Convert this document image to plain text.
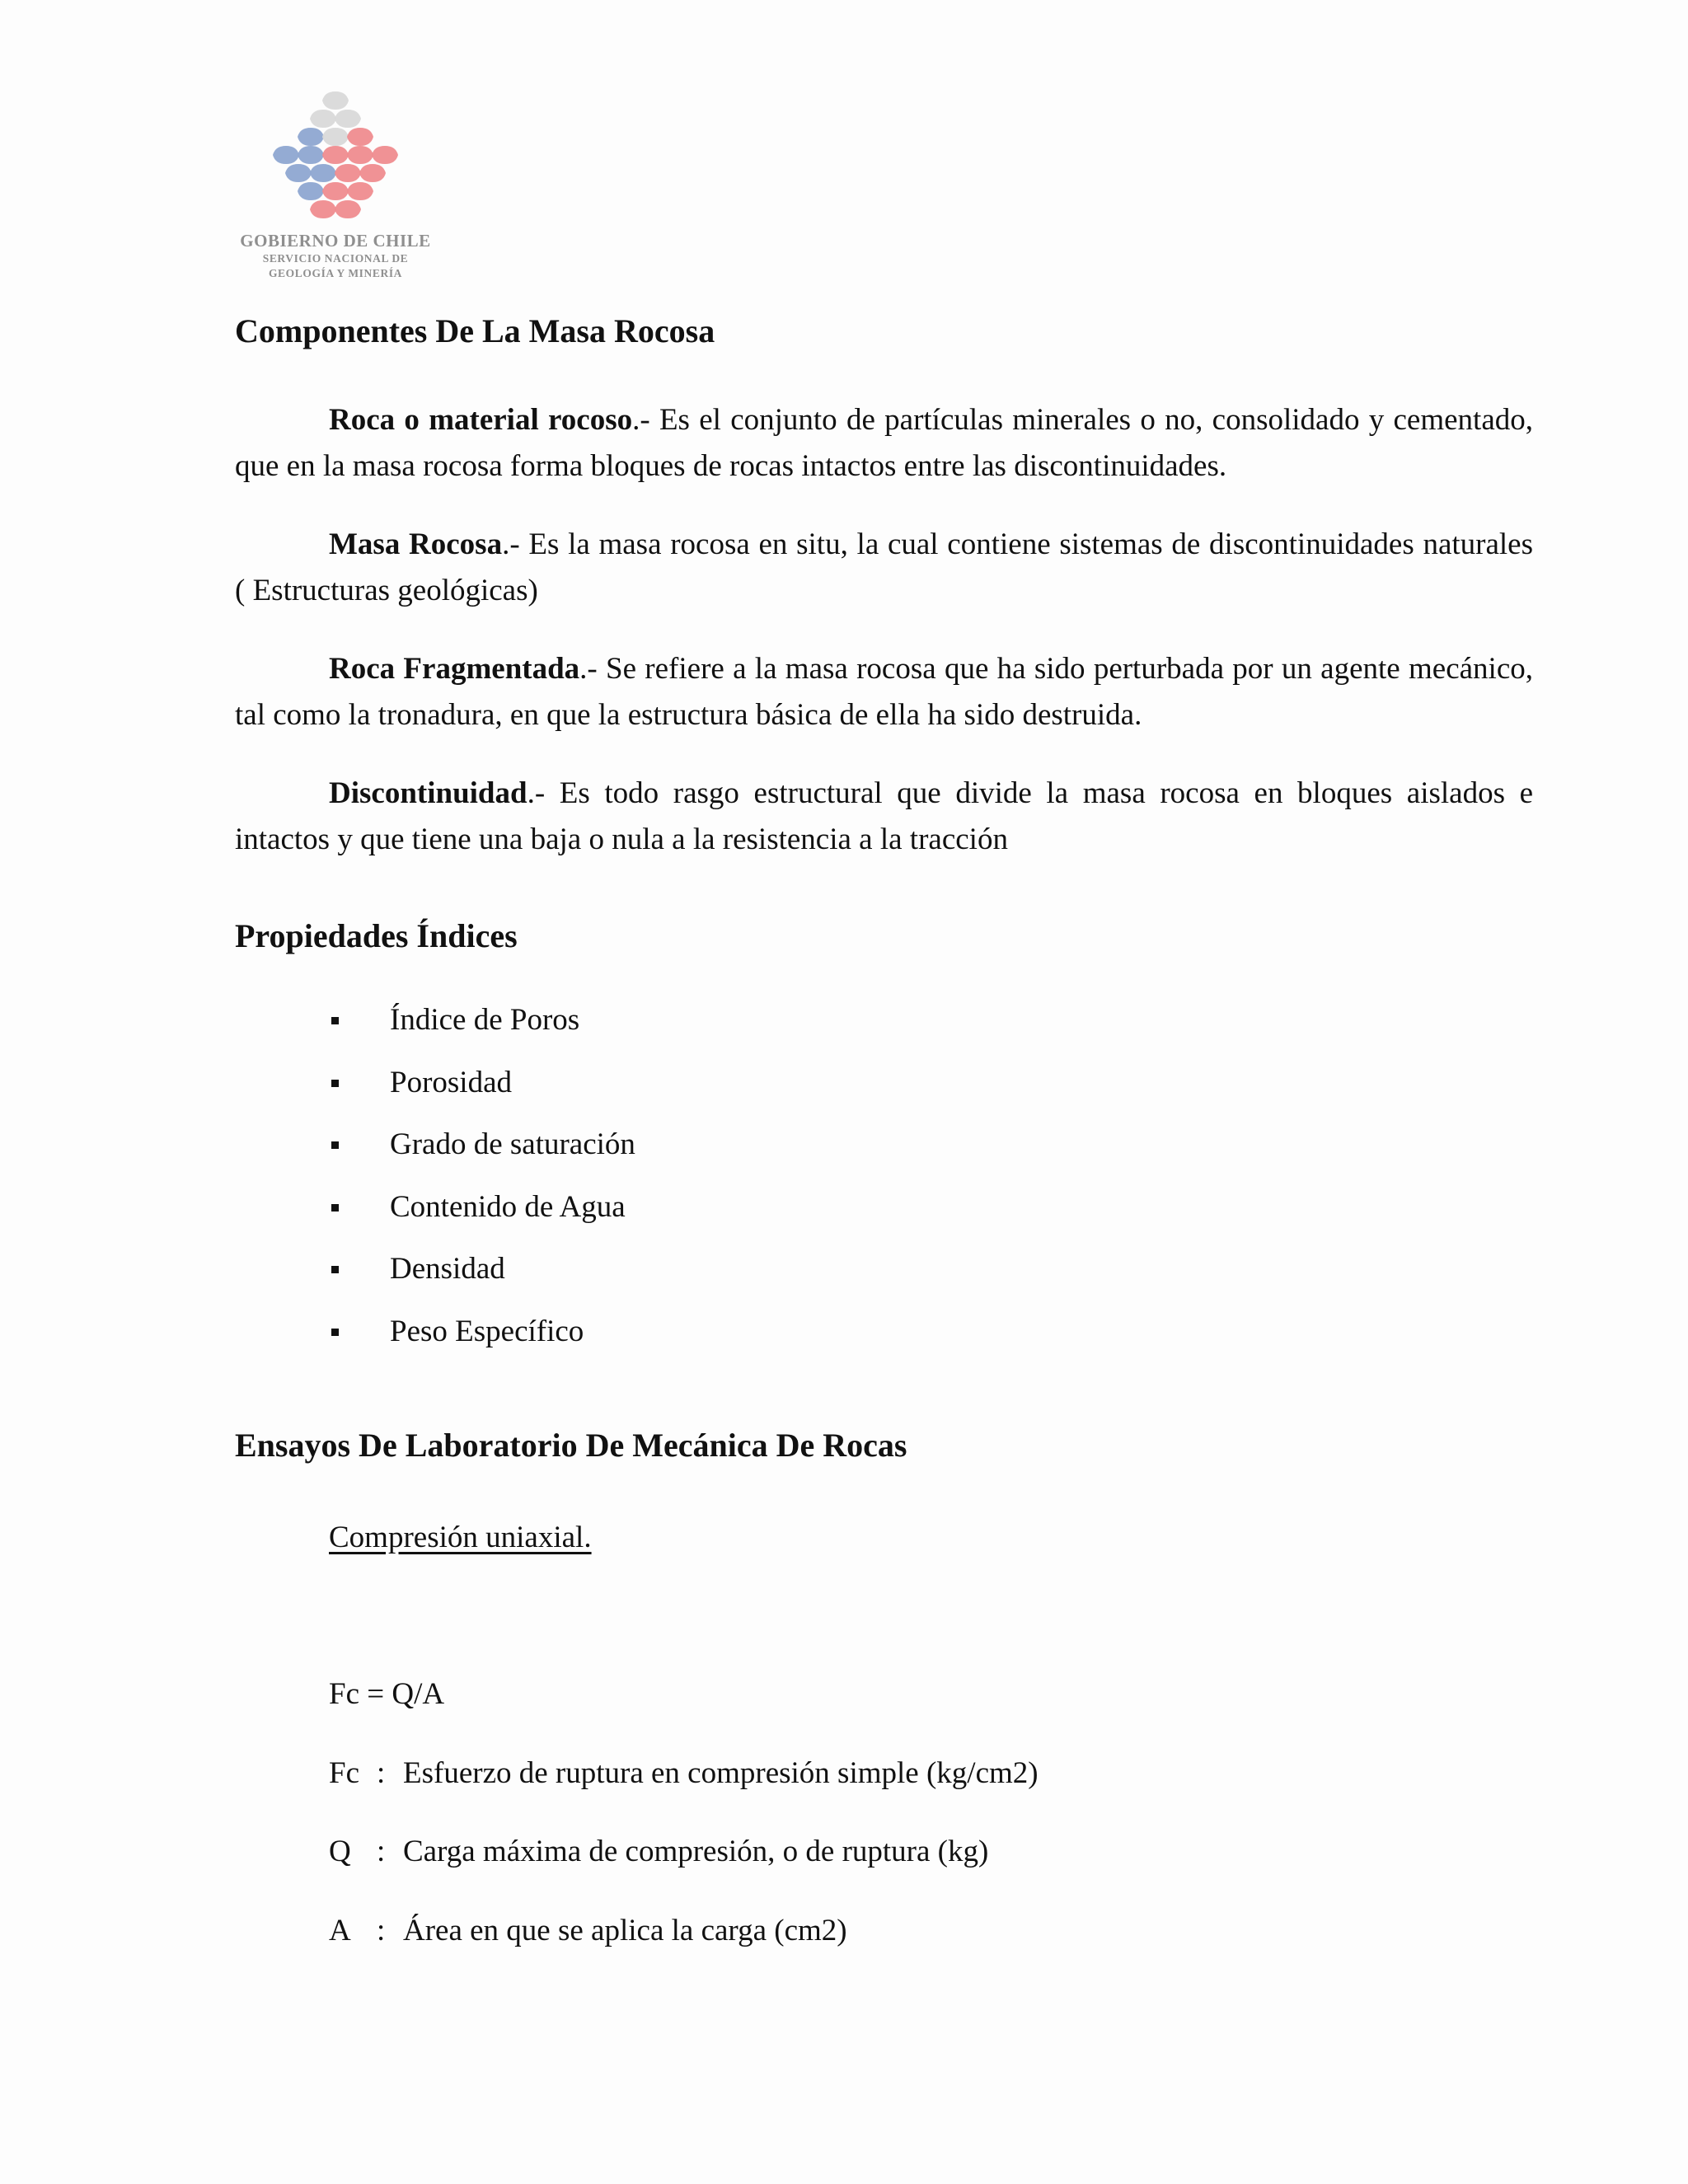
GOBIERNO DE CHILE
SERVICIO NACIONAL DE
GEOLOGÍA Y MINERÍA
Componentes De La Masa Rocosa

Roca o material rocoso.- Es el conjunto de partículas minerales o no, consolidado y cementado, que en la masa rocosa forma bloques de rocas intactos entre las discontinuidades.

Masa Rocosa.- Es la masa rocosa en situ, la cual contiene sistemas de discontinuidades naturales ( Estructuras geológicas)

Roca Fragmentada.- Se refiere a la masa rocosa que ha sido perturbada por un agente mecánico, tal como la tronadura, en que la estructura básica de ella ha sido destruida.

Discontinuidad.- Es todo rasgo estructural que divide la masa rocosa en bloques aislados e intactos y que tiene una baja o nula a la resistencia a la tracción

Propiedades Índices
Índice de Poros
Porosidad
Grado de saturación
Contenido de Agua
Densidad
Peso Específico
Ensayos De Laboratorio De Mecánica De Rocas
Compresión uniaxial.
Fc = Q/A
Fc : Esfuerzo de ruptura en compresión simple (kg/cm2)
Q : Carga máxima de compresión, o de ruptura (kg)
A : Área en que se aplica la carga (cm2)
